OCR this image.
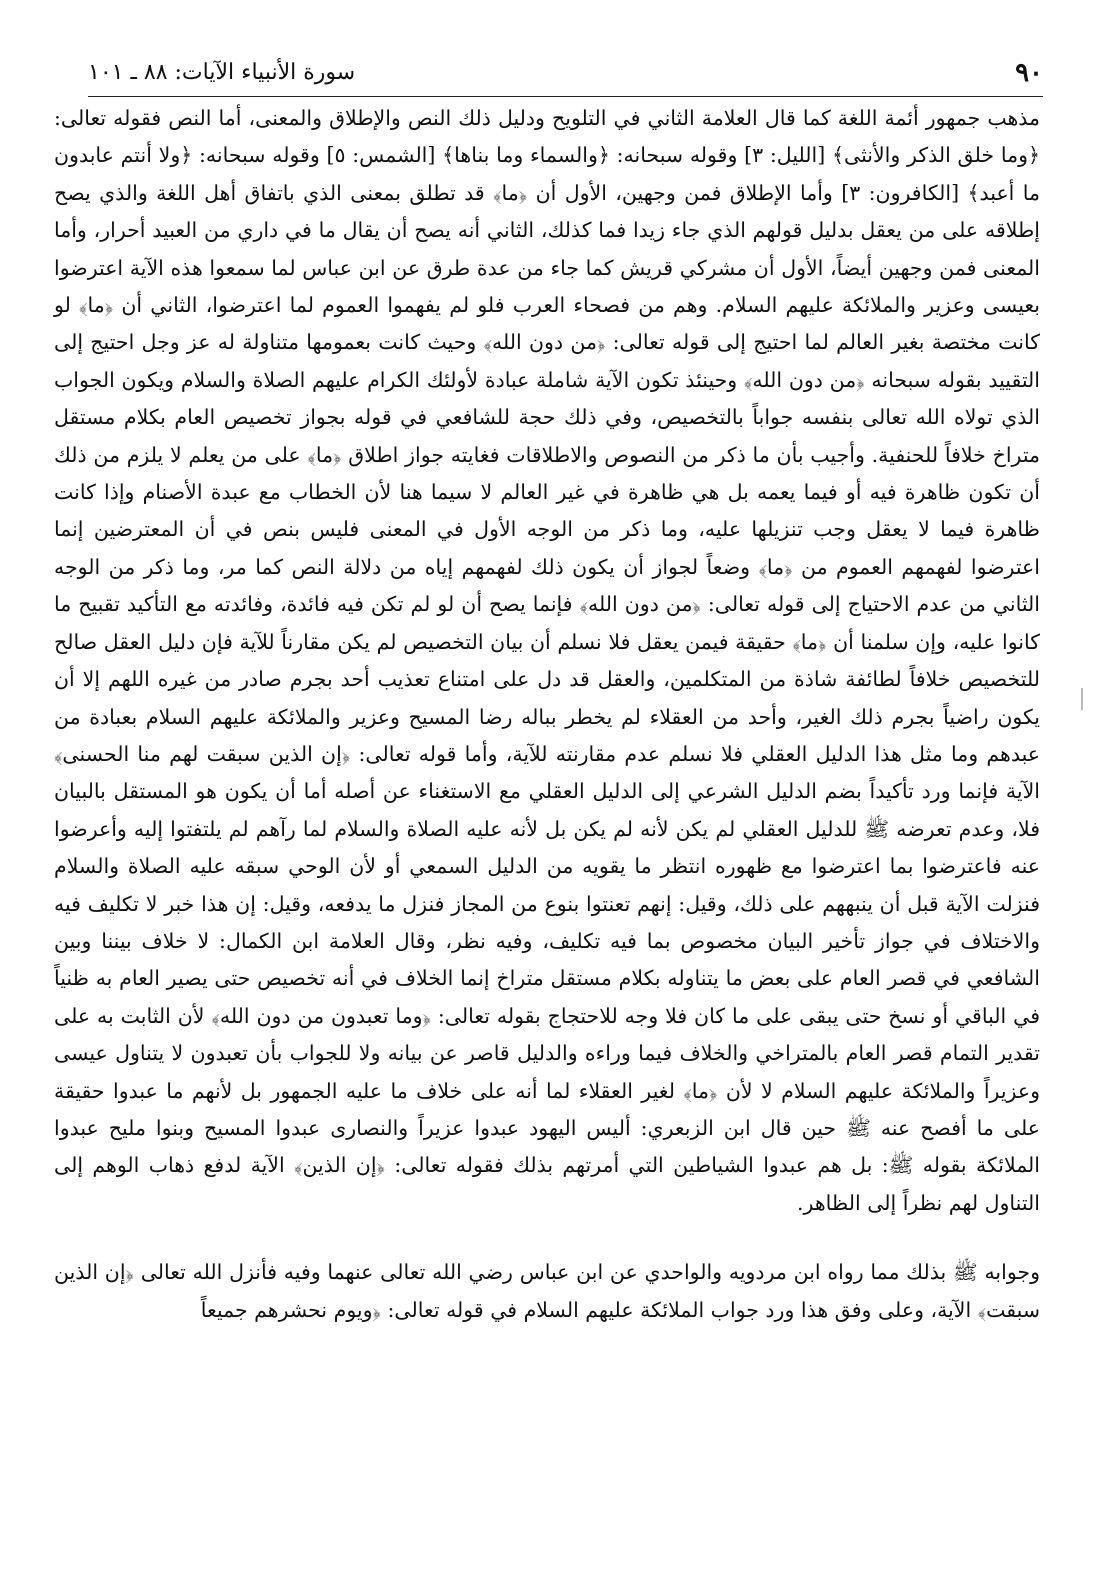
٩٠
سورة الأنبياء الآيات: ٨٨ ـ ١٠١

مذهب جمهور أئمة اللغة كما قال العلامة الثاني في التلويح ودليل ذلك النص والإطلاق والمعنى، أما النص فقوله تعالى: ﴿وما خلق الذكر والأنثى﴾ [الليل: ٣] وقوله سبحانه: ﴿والسماء وما بناها﴾ [الشمس: ٥] وقوله سبحانه: ﴿ولا أنتم عابدون ما أعبد﴾ [الكافرون: ٣] وأما الإطلاق فمن وجهين، الأول أن ﴿ما﴾ قد تطلق بمعنى الذي باتفاق أهل اللغة والذي يصح إطلاقه على من يعقل بدليل قولهم الذي جاء زيدا فما كذلك، الثاني أنه يصح أن يقال ما في داري من العبيد أحرار، وأما المعنى فمن وجهين أيضاً، الأول أن مشركي قريش كما جاء من عدة طرق عن ابن عباس لما سمعوا هذه الآية اعترضوا بعيسى وعزير والملائكة عليهم السلام. وهم من فصحاء العرب فلو لم يفهموا العموم لما اعترضوا، الثاني أن ﴿ما﴾ لو كانت مختصة بغير العالم لما احتيج إلى قوله تعالى: ﴿من دون الله﴾ وحيث كانت بعمومها متناولة له عز وجل احتيج إلى التقييد بقوله سبحانه ﴿من دون الله﴾ وحينئذ تكون الآية شاملة عبادة لأولئك الكرام عليهم الصلاة والسلام ويكون الجواب الذي تولاه الله تعالى بنفسه جواباً بالتخصيص، وفي ذلك حجة للشافعي في قوله بجواز تخصيص العام بكلام مستقل متراخ خلافاً للحنفية. وأجيب بأن ما ذكر من النصوص والاطلاقات فغايته جواز اطلاق ﴿ما﴾ على من يعلم لا يلزم من ذلك أن تكون ظاهرة فيه أو فيما يعمه بل هي ظاهرة في غير العالم لا سيما هنا لأن الخطاب مع عبدة الأصنام وإذا كانت ظاهرة فيما لا يعقل وجب تنزيلها عليه، وما ذكر من الوجه الأول في المعنى فليس بنص في أن المعترضين إنما اعترضوا لفهمهم العموم من ﴿ما﴾ وضعاً لجواز أن يكون ذلك لفهمهم إياه من دلالة النص كما مر، وما ذكر من الوجه الثاني من عدم الاحتياج إلى قوله تعالى: ﴿من دون الله﴾ فإنما يصح أن لو لم تكن فيه فائدة، وفائدته مع التأكيد تقبيح ما كانوا عليه، وإن سلمنا أن ﴿ما﴾ حقيقة فيمن يعقل فلا نسلم أن بيان التخصيص لم يكن مقارناً للآية فإن دليل العقل صالح للتخصيص خلافاً لطائفة شاذة من المتكلمين، والعقل قد دل على امتناع تعذيب أحد بجرم صادر من غيره اللهم إلا أن يكون راضياً بجرم ذلك الغير، وأحد من العقلاء لم يخطر بباله رضا المسيح وعزير والملائكة عليهم السلام بعبادة من عبدهم وما مثل هذا الدليل العقلي فلا نسلم عدم مقارنته للآية، وأما قوله تعالى: ﴿إن الذين سبقت لهم منا الحسنى﴾ الآية فإنما ورد تأكيداً بضم الدليل الشرعي إلى الدليل العقلي مع الاستغناء عن أصله أما أن يكون هو المستقل بالبيان فلا، وعدم تعرضه ﷺ للدليل العقلي لم يكن لأنه لم يكن بل لأنه عليه الصلاة والسلام لما رآهم لم يلتفتوا إليه وأعرضوا عنه فاعترضوا بما اعترضوا مع ظهوره انتظر ما يقويه من الدليل السمعي أو لأن الوحي سبقه عليه الصلاة والسلام فنزلت الآية قبل أن ينبههم على ذلك، وقيل: إنهم تعنتوا بنوع من المجاز فنزل ما يدفعه، وقيل: إن هذا خبر لا تكليف فيه والاختلاف في جواز تأخير البيان مخصوص بما فيه تكليف، وفيه نظر، وقال العلامة ابن الكمال: لا خلاف بيننا وبين الشافعي في قصر العام على بعض ما يتناوله بكلام مستقل متراخ إنما الخلاف في أنه تخصيص حتى يصير العام به ظنياً في الباقي أو نسخ حتى يبقى على ما كان فلا وجه للاحتجاج بقوله تعالى: ﴿وما تعبدون من دون الله﴾ لأن الثابت به على تقدير التمام قصر العام بالمتراخي والخلاف فيما وراءه والدليل قاصر عن بيانه ولا للجواب بأن تعبدون لا يتناول عيسى وعزيراً والملائكة عليهم السلام لا لأن ﴿ما﴾ لغير العقلاء لما أنه على خلاف ما عليه الجمهور بل لأنهم ما عبدوا حقيقة على ما أفصح عنه ﷺ حين قال ابن الزبعري: أليس اليهود عبدوا عزيراً والنصارى عبدوا المسيح وبنوا مليح عبدوا الملائكة بقوله ﷺ: بل هم عبدوا الشياطين التي أمرتهم بذلك فقوله تعالى: ﴿إن الذين﴾ الآية لدفع ذهاب الوهم إلى التناول لهم نظراً إلى الظاهر.

وجوابه ﷺ بذلك مما رواه ابن مردويه والواحدي عن ابن عباس رضي الله تعالى عنهما وفيه فأنزل الله تعالى ﴿إن الذين سبقت﴾ الآية، وعلى وفق هذا ورد جواب الملائكة عليهم السلام في قوله تعالى: ﴿ويوم نحشرهم جميعاً
